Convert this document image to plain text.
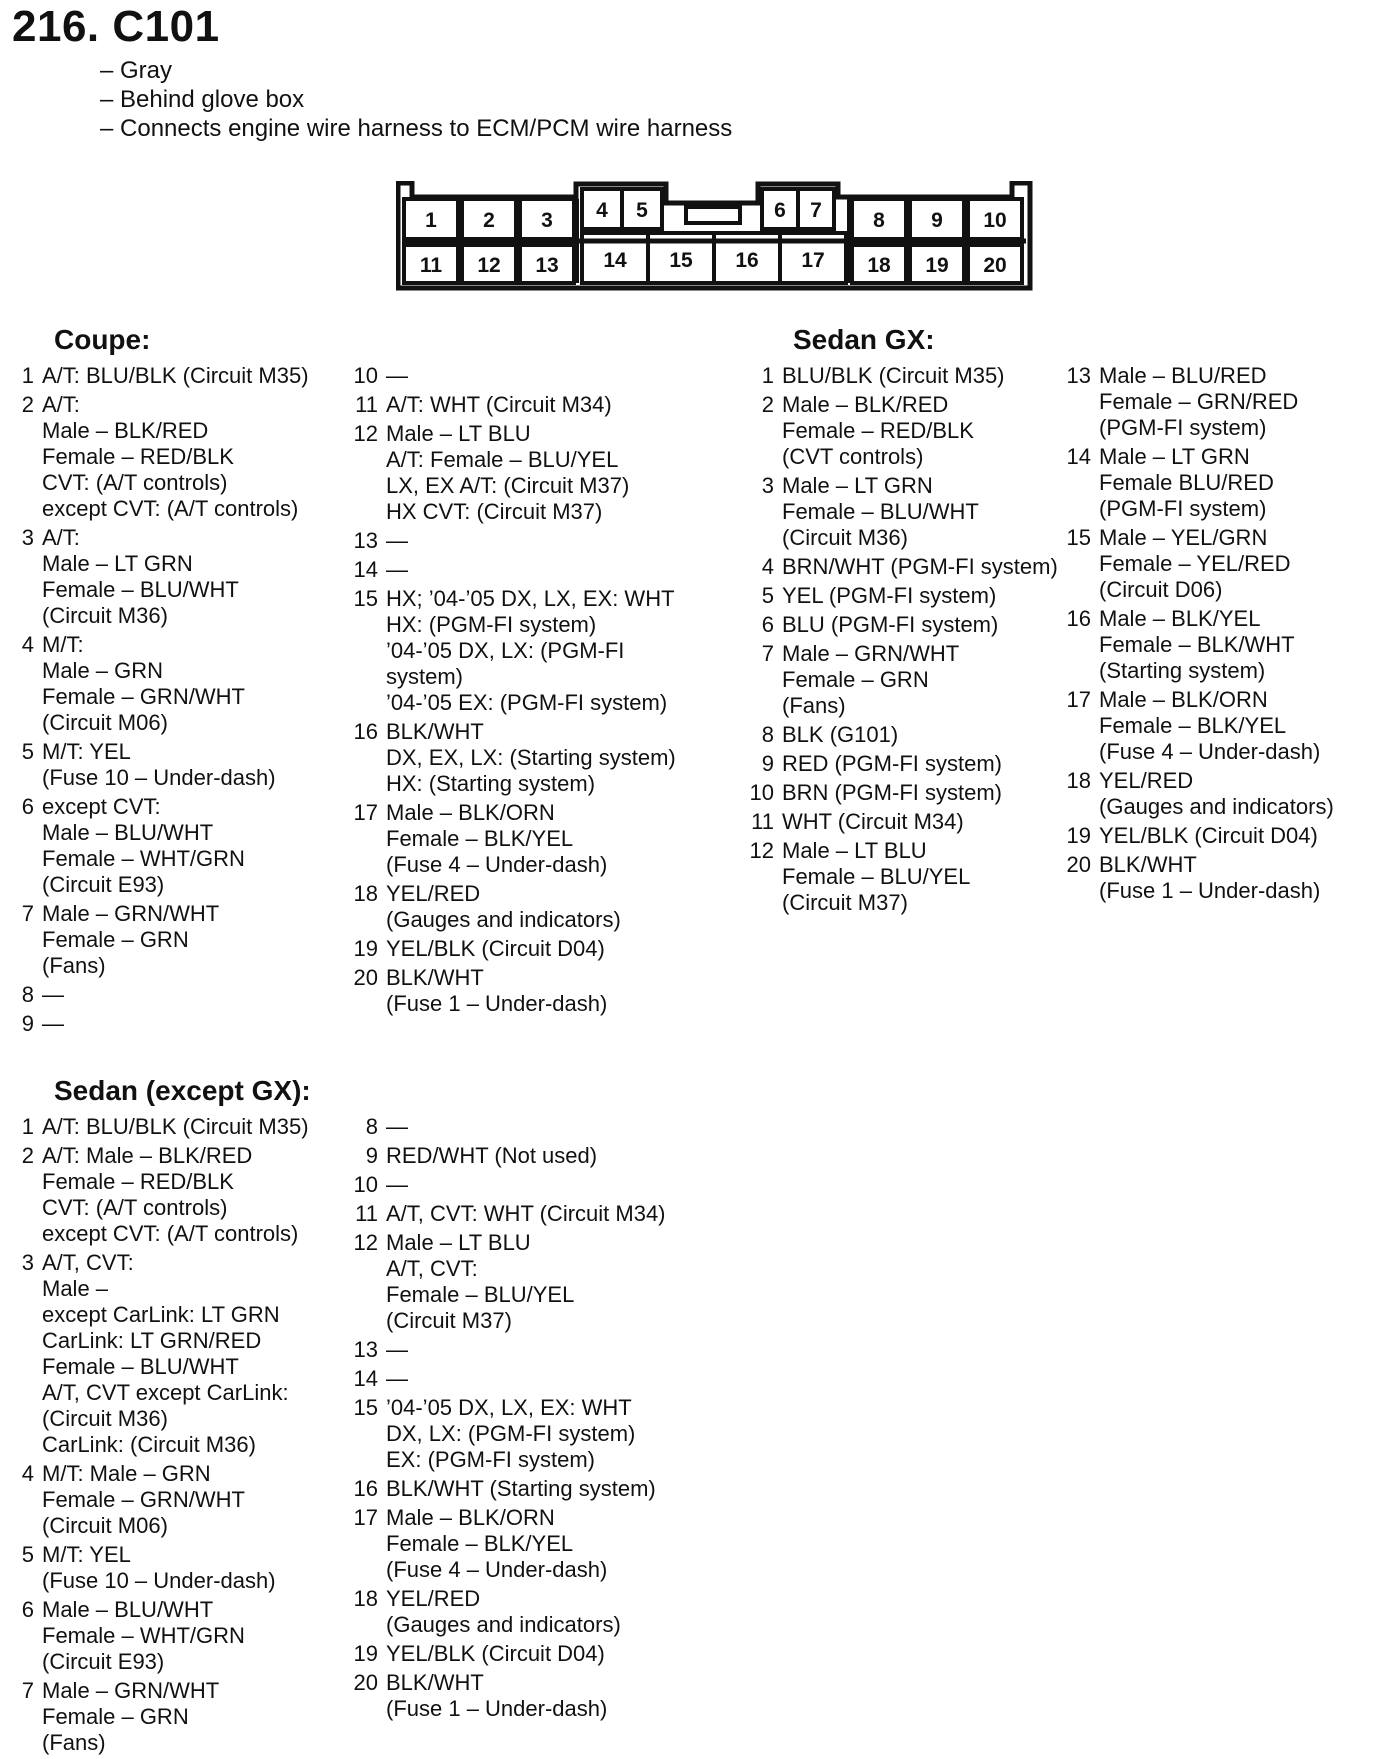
216. C101
– Gray
– Behind glove box
– Connects engine wire harness to ECM/PCM wire harness
1 2 3 4 5	6 7 8 9 10
11 12 13 14 15 16 17 18 19 20
Coupe:	Sedan GX:
Sedan (except GX):
1 A/T: BLU/BLK (Circuit M35)
2 A/T:
Male – BLK/RED
Female – RED/BLK
CVT: (A/T controls)
except CVT: (A/T controls)
3 A/T:
Male – LT GRN
Female – BLU/WHT
(Circuit M36)
4 M/T:
Male – GRN
Female – GRN/WHT
(Circuit M06)
5 M/T: YEL
(Fuse 10 – Under-dash)
6 except CVT:
Male – BLU/WHT
Female – WHT/GRN
(Circuit E93)
7 Male – GRN/WHT
Female – GRN
(Fans)
8 —
9 —
10 —
11 A/T: WHT (Circuit M34)
12 Male – LT BLU
A/T: Female – BLU/YEL
LX, EX A/T: (Circuit M37)
HX CVT: (Circuit M37)
13 —
14 —
15 HX; ’04-’05 DX, LX, EX: WHT
HX: (PGM-FI system)
’04-’05 DX, LX: (PGM-FI
system)
’04-’05 EX: (PGM-FI system)
16 BLK/WHT
DX, EX, LX: (Starting system)
HX: (Starting system)
17 Male – BLK/ORN
Female – BLK/YEL
(Fuse 4 – Under-dash)
18 YEL/RED
(Gauges and indicators)
19 YEL/BLK (Circuit D04)
20 BLK/WHT
(Fuse 1 – Under-dash)
1 BLU/BLK (Circuit M35)
2 Male – BLK/RED
Female – RED/BLK
(CVT controls)
3 Male – LT GRN
Female – BLU/WHT
(Circuit M36)
4 BRN/WHT (PGM-FI system)
5 YEL (PGM-FI system)
6 BLU (PGM-FI system)
7 Male – GRN/WHT
Female – GRN
(Fans)
8 BLK (G101)
9 RED (PGM-FI system)
10 BRN (PGM-FI system)
11 WHT (Circuit M34)
12 Male – LT BLU
Female – BLU/YEL
(Circuit M37)
13 Male – BLU/RED
Female – GRN/RED
(PGM-FI system)
14 Male – LT GRN
Female BLU/RED
(PGM-FI system)
15 Male – YEL/GRN
Female – YEL/RED
(Circuit D06)
16 Male – BLK/YEL
Female – BLK/WHT
(Starting system)
17 Male – BLK/ORN
Female – BLK/YEL
(Fuse 4 – Under-dash)
18 YEL/RED
(Gauges and indicators)
19 YEL/BLK (Circuit D04)
20 BLK/WHT
(Fuse 1 – Under-dash)
1 A/T: BLU/BLK (Circuit M35)
2 A/T: Male – BLK/RED
Female – RED/BLK
CVT: (A/T controls)
except CVT: (A/T controls)
3 A/T, CVT:
Male –
except CarLink: LT GRN
CarLink: LT GRN/RED
Female – BLU/WHT
A/T, CVT except CarLink:
(Circuit M36)
CarLink: (Circuit M36)
4 M/T: Male – GRN
Female – GRN/WHT
(Circuit M06)
5 M/T: YEL
(Fuse 10 – Under-dash)
6 Male – BLU/WHT
Female – WHT/GRN
(Circuit E93)
7 Male – GRN/WHT
Female – GRN
(Fans)
8 —
9 RED/WHT (Not used)
10 —
11 A/T, CVT: WHT (Circuit M34)
12 Male – LT BLU
A/T, CVT:
Female – BLU/YEL
(Circuit M37)
13 —
14 —
15 ’04-’05 DX, LX, EX: WHT
DX, LX: (PGM-FI system)
EX: (PGM-FI system)
16 BLK/WHT (Starting system)
17 Male – BLK/ORN
Female – BLK/YEL
(Fuse 4 – Under-dash)
18 YEL/RED
(Gauges and indicators)
19 YEL/BLK (Circuit D04)
20 BLK/WHT
(Fuse 1 – Under-dash)
